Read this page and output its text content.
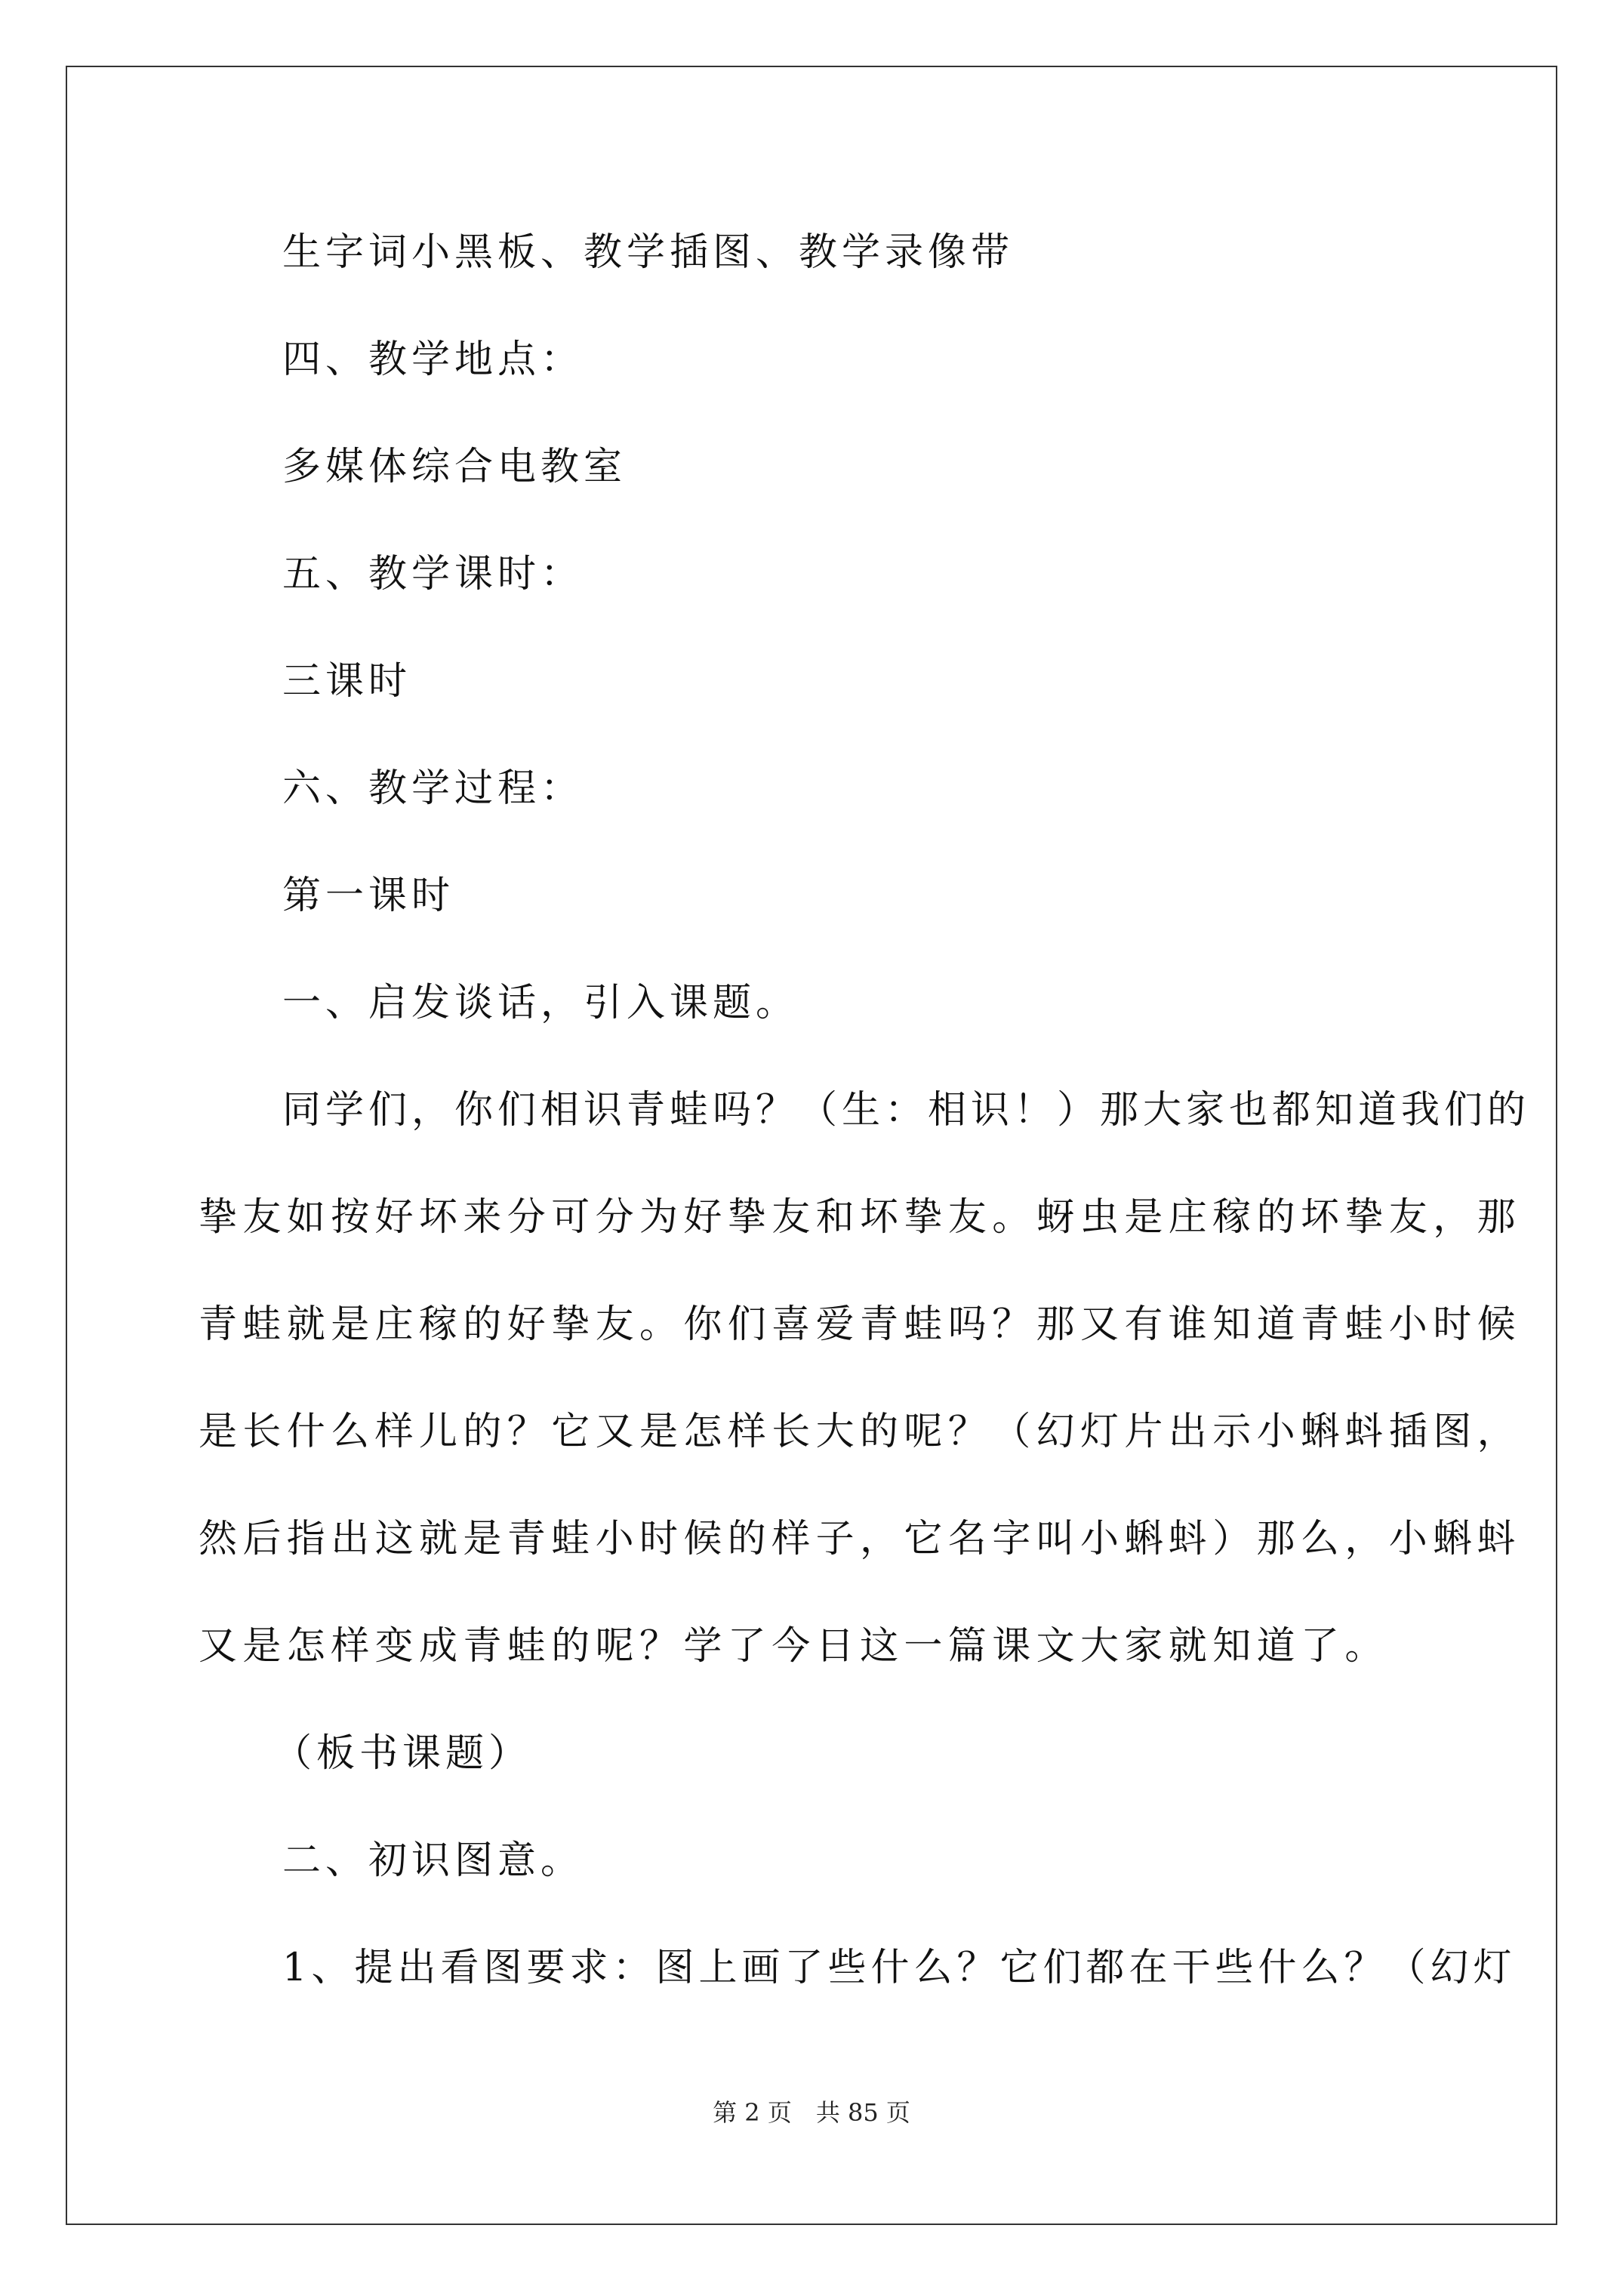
生字词小黑板、教学插图、教学录像带
四、教学地点：
多媒体综合电教室
五、教学课时：
三课时
六、教学过程：
第一课时
一、启发谈话，引入课题。
同学们，你们相识青蛙吗？（生：相识！）那大家也都知道我们的
挚友如按好坏来分可分为好挚友和坏挚友。蚜虫是庄稼的坏挚友，那
青蛙就是庄稼的好挚友。你们喜爱青蛙吗？那又有谁知道青蛙小时候
是长什么样儿的？它又是怎样长大的呢？（幻灯片出示小蝌蚪插图，
然后指出这就是青蛙小时候的样子，它名字叫小蝌蚪）那么，小蝌蚪
又是怎样变成青蛙的呢？学了今日这一篇课文大家就知道了。
（板书课题）
二、初识图意。
1、提出看图要求：图上画了些什么？它们都在干些什么？（幻灯
第 2 页　共 85 页
